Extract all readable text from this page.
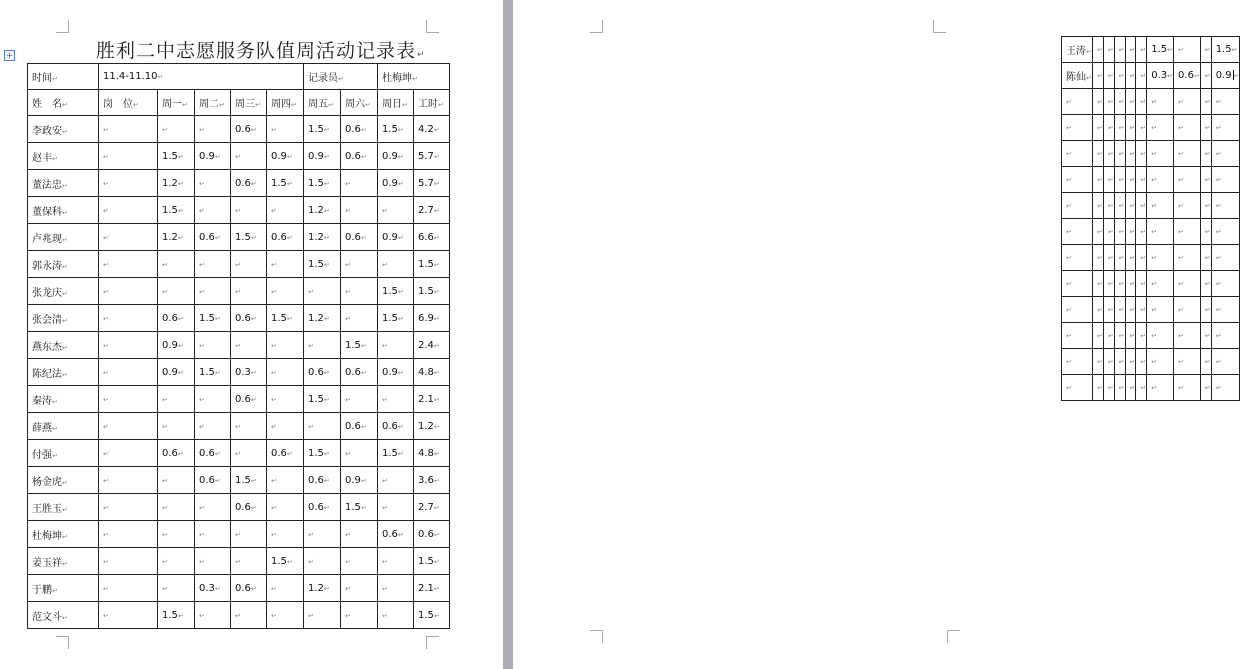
+	胜利二中志愿服务队值周活动记录表↵
时间↵	11.4-11.10↵					记录员↵		杜梅坤↵	
姓　名↵	岗　位↵	周一↵	周二↵	周三↵	周四↵	周五↵	周六↵	周日↵	工时↵
李政安↵	↵	↵	↵	0.6↵	↵	1.5↵	0.6↵	1.5↵	4.2↵
赵丰↵	↵	1.5↵	0.9↵	↵	0.9↵	0.9↵	0.6↵	0.9↵	5.7↵
董法忠↵	↵	1.2↵	↵	0.6↵	1.5↵	1.5↵	↵	0.9↵	5.7↵
董保科↵	↵	1.5↵	↵	↵	↵	1.2↵	↵	↵	2.7↵
卢兆现↵	↵	1.2↵	0.6↵	1.5↵	0.6↵	1.2↵	0.6↵	0.9↵	6.6↵
郭永涛↵	↵	↵	↵	↵	↵	1.5↵	↵	↵	1.5↵
张龙庆↵	↵	↵	↵	↵	↵	↵	↵	1.5↵	1.5↵
张会清↵	↵	0.6↵	1.5↵	0.6↵	1.5↵	1.2↵	↵	1.5↵	6.9↵
燕东杰↵	↵	0.9↵	↵	↵	↵	↵	1.5↵	↵	2.4↵
陈纪法↵	↵	0.9↵	1.5↵	0.3↵	↵	0.6↵	0.6↵	0.9↵	4.8↵
秦涛↵	↵	↵	↵	0.6↵	↵	1.5↵	↵	↵	2.1↵
薛燕↵	↵	↵	↵	↵	↵	↵	0.6↵	0.6↵	1.2↵
付强↵	↵	0.6↵	0.6↵	↵	0.6↵	1.5↵	↵	1.5↵	4.8↵
杨金虎↵	↵	↵	0.6↵	1.5↵	↵	0.6↵	0.9↵	↵	3.6↵
王胜玉↵	↵	↵	↵	0.6↵	↵	0.6↵	1.5↵	↵	2.7↵
杜梅坤↵	↵	↵	↵	↵	↵	↵	↵	0.6↵	0.6↵
姜玉祥↵	↵	↵	↵	↵	1.5↵	↵	↵	↵	1.5↵
于鹏↵	↵	↵	0.3↵	0.6↵	↵	1.2↵	↵	↵	2.1↵
范文斗↵	↵	1.5↵	↵	↵	↵	↵	↵	↵	1.5↵
王涛↵	↵	↵	↵	↵	↵	1.5↵	↵	↵	1.5↵
陈仙↵	↵	↵	↵	↵	↵	0.3↵	0.6↵	↵	0.9 ↵
↵	↵	↵	↵	↵	↵	↵	↵	↵	↵
↵	↵	↵	↵	↵	↵	↵	↵	↵	↵
↵	↵	↵	↵	↵	↵	↵	↵	↵	↵
↵	↵	↵	↵	↵	↵	↵	↵	↵	↵
↵	↵	↵	↵	↵	↵	↵	↵	↵	↵
↵	↵	↵	↵	↵	↵	↵	↵	↵	↵
↵	↵	↵	↵	↵	↵	↵	↵	↵	↵
↵	↵	↵	↵	↵	↵	↵	↵	↵	↵
↵	↵	↵	↵	↵	↵	↵	↵	↵	↵
↵	↵	↵	↵	↵	↵	↵	↵	↵	↵
↵	↵	↵	↵	↵	↵	↵	↵	↵	↵
↵	↵	↵	↵	↵	↵	↵	↵	↵	↵
